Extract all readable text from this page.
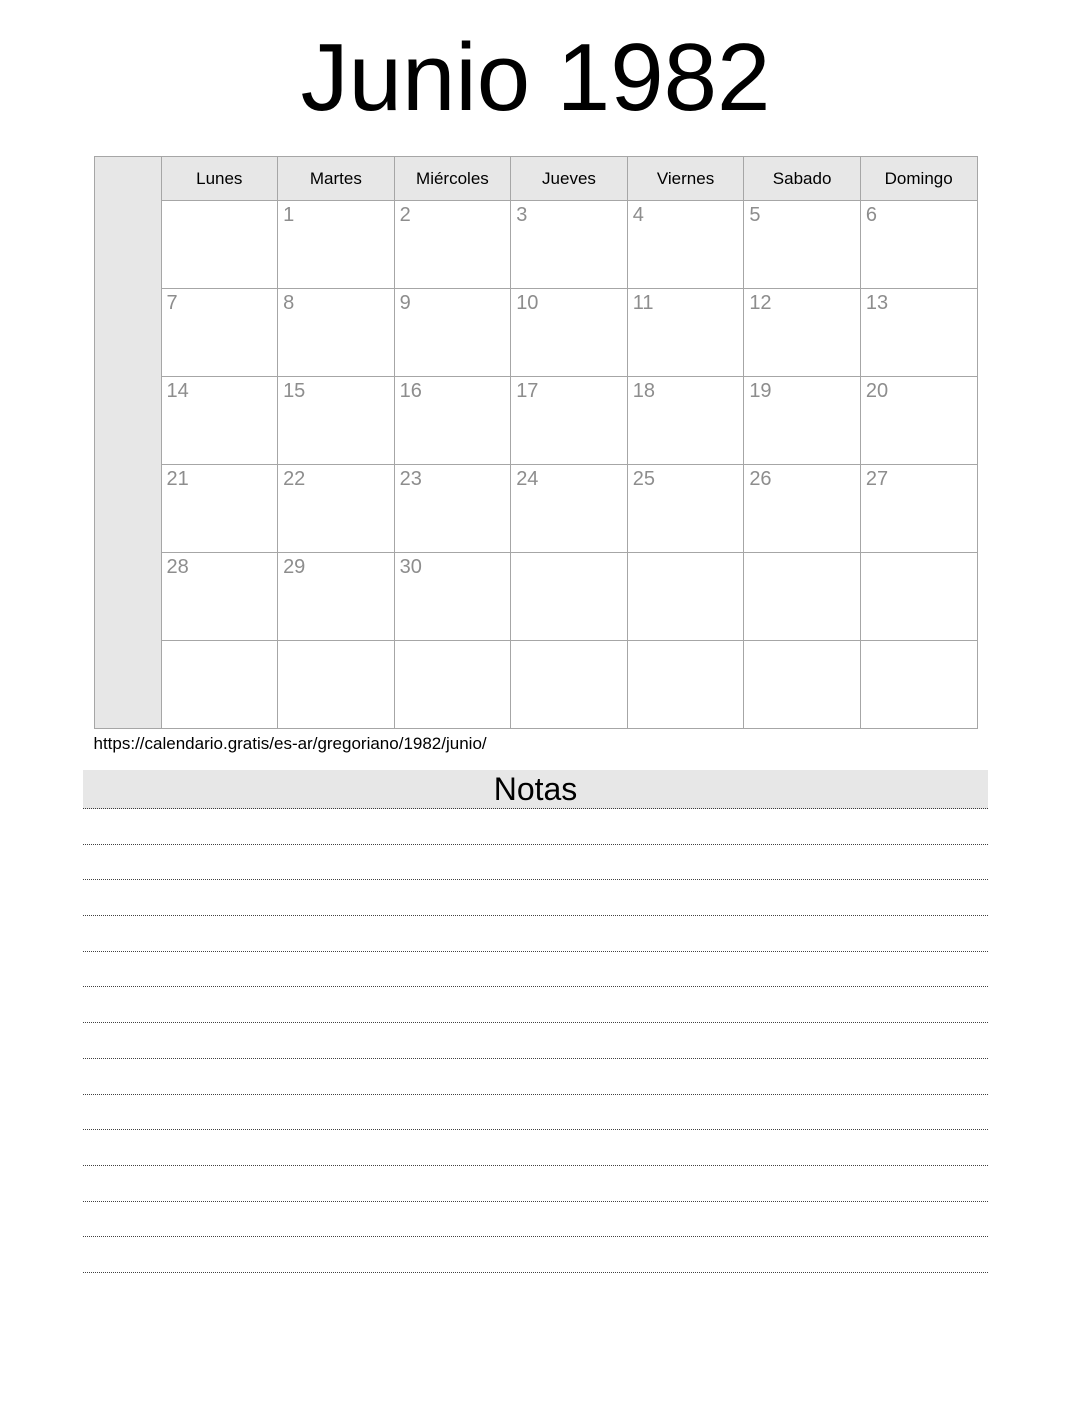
Junio 1982
	Lunes	Martes	Miércoles	Jueves	Viernes	Sabado	Domingo
		1	2	3	4	5	6
	7	8	9	10	11	12	13
	14	15	16	17	18	19	20
	21	22	23	24	25	26	27
	28	29	30				

https://calendario.gratis/es-ar/gregoriano/1982/junio/
Notas
